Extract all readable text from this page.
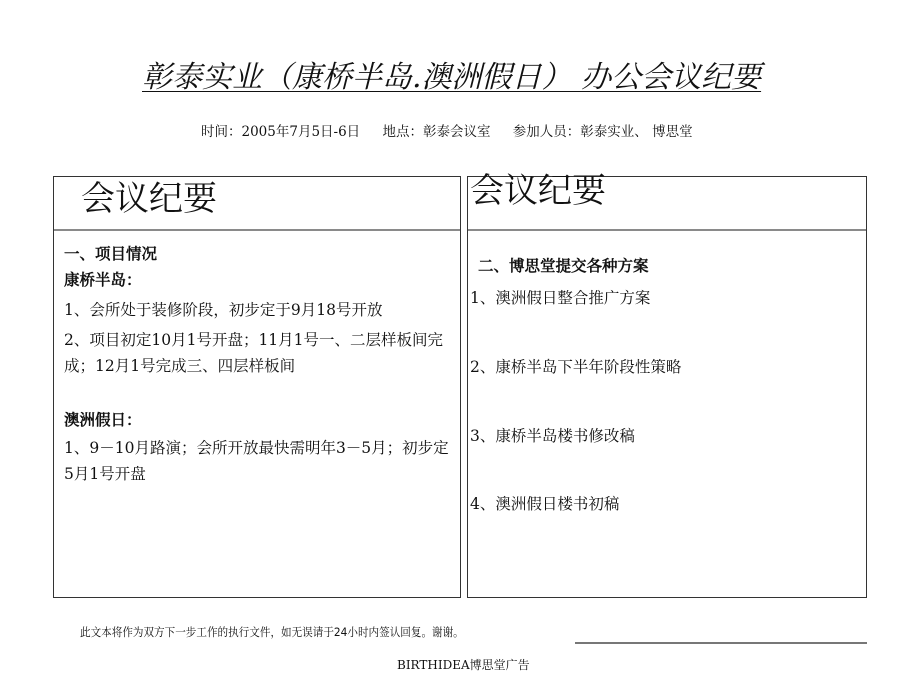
彰泰实业（康桥半岛.澳洲假日） 办公会议纪要
时间：2005年7月5日-6日 地点：彰泰会议室 参加人员：彰泰实业、 博思堂
会议纪要
一、项目情况
康桥半岛：

1、会所处于装修阶段，初步定于9月18号开放

2、项目初定10月1号开盘；11月1号一、二层样板间完成；12月1号完成三、四层样板间

澳洲假日：

1、9－10月路演；会所开放最快需明年3－5月；初步定5月1号开盘

会议纪要
二、博思堂提交各种方案
1、澳洲假日整合推广方案
2、康桥半岛下半年阶段性策略
3、康桥半岛楼书修改稿
4、澳洲假日楼书初稿
此文本将作为双方下一步工作的执行文件，如无误请于24小时内签认回复。谢谢。
BIRTHIDEA博思堂广告
